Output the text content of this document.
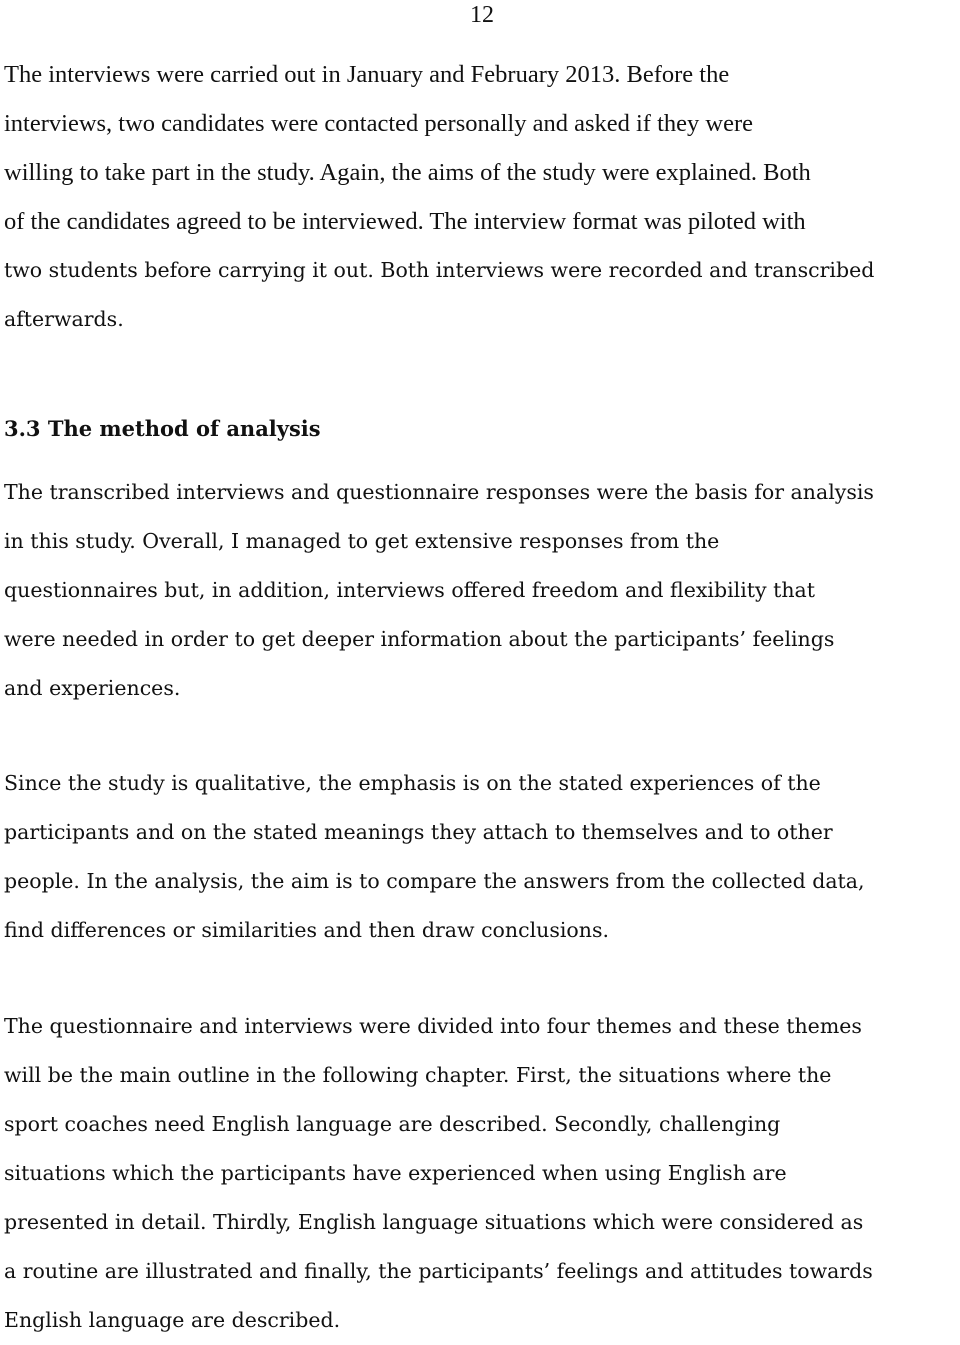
12

The interviews were carried out in January and February 2013. Before the
interviews, two candidates were contacted personally and asked if they were
willing to take part in the study. Again, the aims of the study were explained. Both
of the candidates agreed to be interviewed. The interview format was piloted with

two students before carrying it out. Both interviews were recorded and transcribed
afterwards.

3.3 The method of analysis

The transcribed interviews and questionnaire responses were the basis for analysis
in this study. Overall, I managed to get extensive responses from the
questionnaires but, in addition, interviews offered freedom and flexibility that
were needed in order to get deeper information about the participants’ feelings
and experiences.

Since the study is qualitative, the emphasis is on the stated experiences of the
participants and on the stated meanings they attach to themselves and to other
people. In the analysis, the aim is to compare the answers from the collected data,
find differences or similarities and then draw conclusions.

The questionnaire and interviews were divided into four themes and these themes
will be the main outline in the following chapter. First, the situations where the
sport coaches need English language are described. Secondly, challenging
situations which the participants have experienced when using English are
presented in detail. Thirdly, English language situations which were considered as
a routine are illustrated and finally, the participants’ feelings and attitudes towards
English language are described.
